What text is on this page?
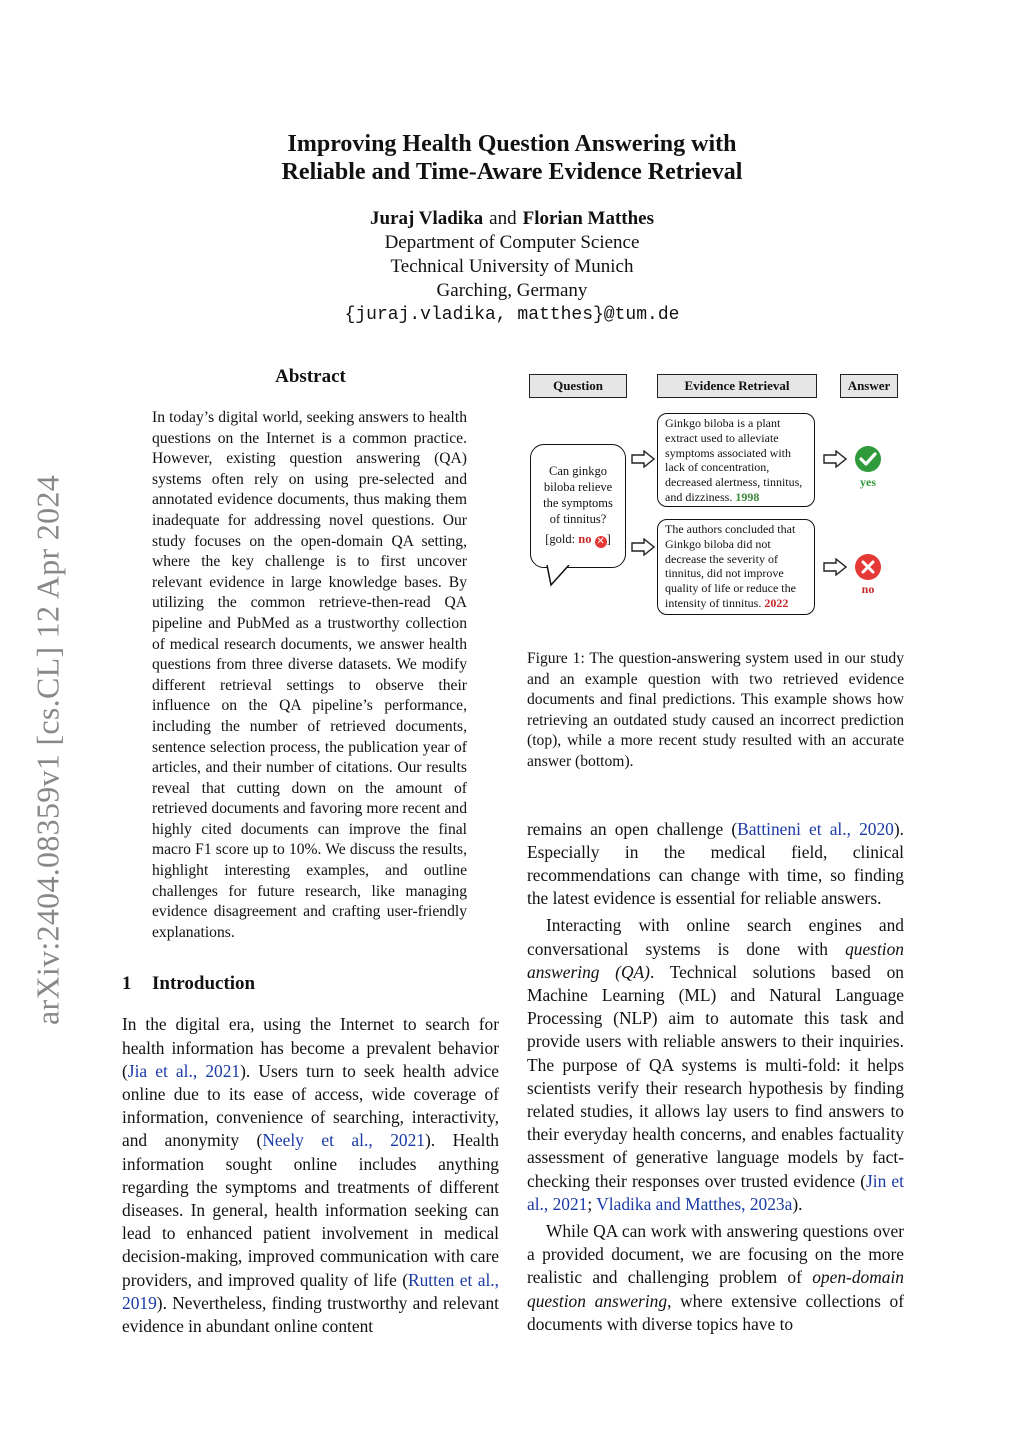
arXiv:2404.08359v1 [cs.CL] 12 Apr 2024
Improving Health Question Answering with
Reliable and Time-Aware Evidence Retrieval
Juraj Vladika and Florian Matthes
Department of Computer Science
Technical University of Munich
Garching, Germany
{juraj.vladika, matthes}@tum.de
Abstract

In today’s digital world, seeking answers to health questions on the Internet is a common practice. However, existing question answering (QA) systems often rely on using pre-selected and annotated evidence documents, thus making them inadequate for addressing novel questions. Our study focuses on the open-domain QA setting, where the key challenge is to first uncover relevant evidence in large knowledge bases. By utilizing the common retrieve-then-read QA pipeline and PubMed as a trustworthy collection of medical research documents, we answer health questions from three diverse datasets. We modify different retrieval settings to observe their influence on the QA pipeline’s performance, including the number of retrieved documents, sentence selection process, the publication year of articles, and their number of citations. Our results reveal that cutting down on the amount of retrieved documents and favoring more recent and highly cited documents can improve the final macro F1 score up to 10%. We discuss the results, highlight interesting examples, and outline challenges for future research, like managing evidence disagreement and crafting user-friendly explanations.

1 Introduction

In the digital era, using the Internet to search for health information has become a prevalent behavior (Jia et al., 2021). Users turn to seek health advice online due to its ease of access, wide coverage of information, convenience of searching, interactivity, and anonymity (Neely et al., 2021). Health information sought online includes anything regarding the symptoms and treatments of different diseases. In general, health information seeking can lead to enhanced patient involvement in medical decision-making, improved communication with care providers, and improved quality of life (Rutten et al., 2019). Nevertheless, finding trustworthy and relevant evidence in abundant online content

Question	Evidence Retrieval	Answer
Can ginkgo biloba relieve the symptoms of tinnitus?
[gold: no ✕ ]
Ginkgo biloba is a plant extract used to alleviate symptoms associated with lack of concentration, decreased alertness, tinnitus, and dizziness. 1998
The authors concluded that Ginkgo biloba did not decrease the severity of tinnitus, did not improve quality of life or reduce the intensity of tinnitus. 2022
yes
no

Figure 1: The question-answering system used in our study and an example question with two retrieved evidence documents and final predictions. This example shows how retrieving an outdated study caused an incorrect prediction (top), while a more recent study resulted with an accurate answer (bottom).

remains an open challenge (Battineni et al., 2020). Especially in the medical field, clinical recommendations can change with time, so finding the latest evidence is essential for reliable answers.

Interacting with online search engines and conversational systems is done with question answering (QA). Technical solutions based on Machine Learning (ML) and Natural Language Processing (NLP) aim to automate this task and provide users with reliable answers to their inquiries. The purpose of QA systems is multi-fold: it helps scientists verify their research hypothesis by finding related studies, it allows lay users to find answers to their everyday health concerns, and enables factuality assessment of generative language models by fact-checking their responses over trusted evidence (Jin et al., 2021; Vladika and Matthes, 2023a).

While QA can work with answering questions over a provided document, we are focusing on the more realistic and challenging problem of open-domain question answering, where extensive collections of documents with diverse topics have to
